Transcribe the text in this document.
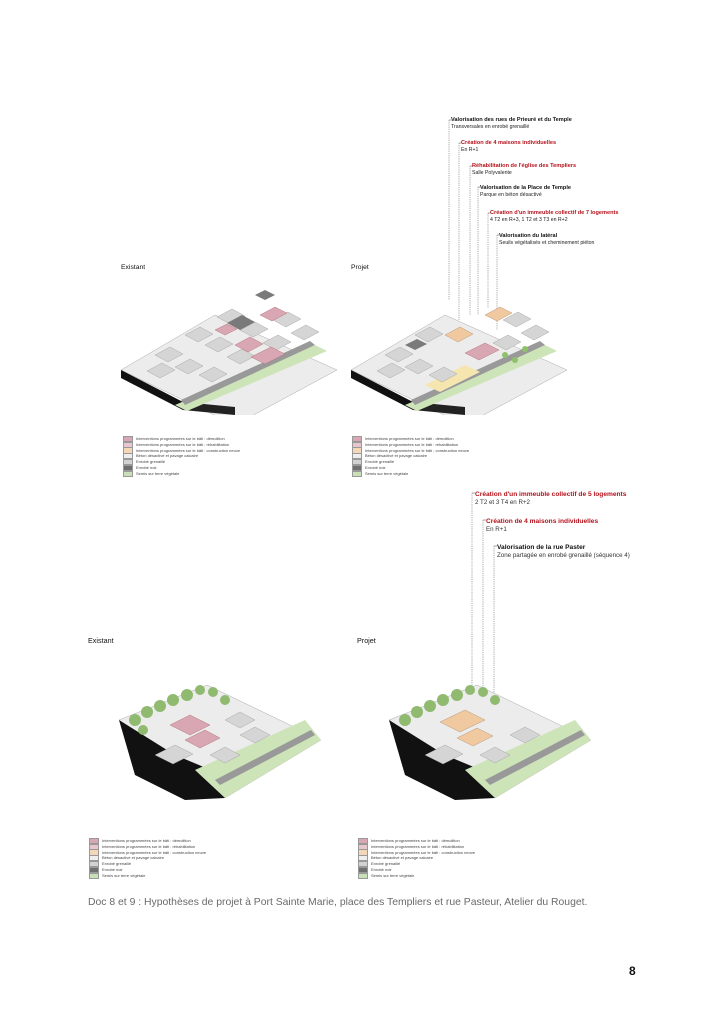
Valorisation des rues de Prieuré et du Temple
Transversales en enrobé grenaillé
Création de 4 maisons individuelles
En R+1
Réhabilitation de l'église des Templiers
Salle Polyvalente
Valorisation de la Place de Temple
Parque en béton désactivé
Création d'un immeuble collectif de 7 logements
4 T2 en R+3, 1 T2 et 3 T3 en R+2
Valorisation du latéral
Seuils végétalisés et cheminement piéton
Existant	Projet
Interventions programmées sur le bâti : démolition
Interventions programmées sur le bâti : réhabilitation
Interventions programmées sur le bâti : construction neuve
Béton désactivé et pavage calcaire
Enrobé grenaillé
Enrobé noir
Semis sur terre végétale
Interventions programmées sur le bâti : démolition
Interventions programmées sur le bâti : réhabilitation
Interventions programmées sur le bâti : construction neuve
Béton désactivé et pavage calcaire
Enrobé grenaillé
Enrobé noir
Semis sur terre végétale
Création d'un immeuble collectif de 5 logements
2 T2 et 3 T4 en R+2
Création de 4 maisons individuelles
En R+1
Valorisation de la rue Paster
Zone partagée en enrobé grenaillé (séquence 4)
Existant	Projet
Interventions programmées sur le bâti : démolition
Interventions programmées sur le bâti : réhabilitation
Interventions programmées sur le bâti : construction neuve
Béton désactivé et pavage calcaire
Enrobé grenaillé
Enrobé noir
Semis sur terre végétale
Interventions programmées sur le bâti : démolition
Interventions programmées sur le bâti : réhabilitation
Interventions programmées sur le bâti : construction neuve
Béton désactivé et pavage calcaire
Enrobé grenaillé
Enrobé noir
Semis sur terre végétale
Doc 8 et 9 : Hypothèses de projet à Port Sainte Marie, place des Templiers et rue Pasteur, Atelier du Rouget.
8
